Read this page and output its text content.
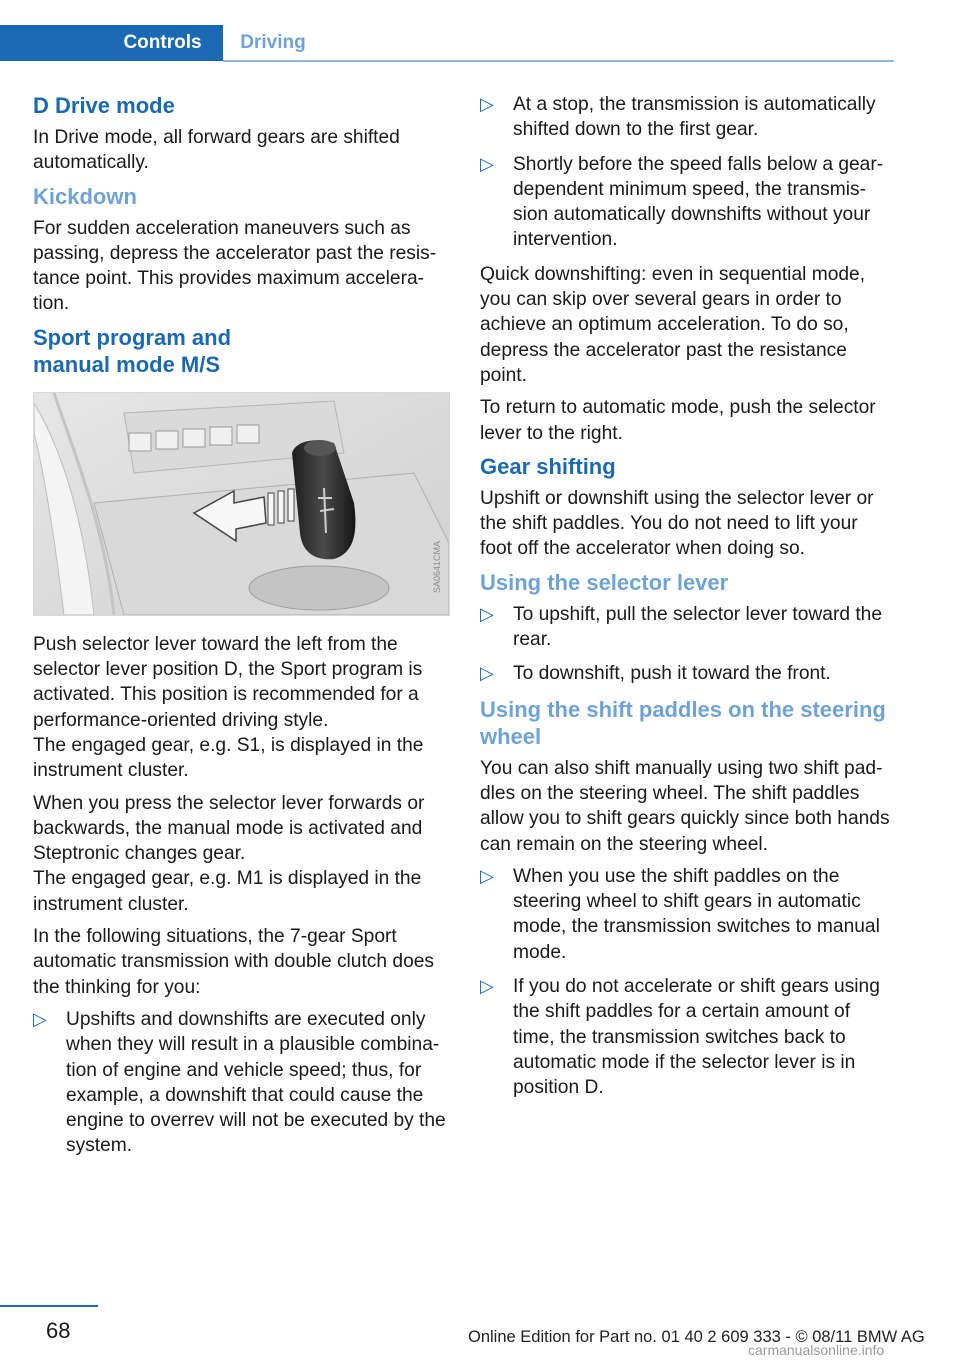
Controls	Driving
D Drive mode

In Drive mode, all forward gears are shifted automatically.

Kickdown

For sudden acceleration maneuvers such as passing, depress the accelerator past the resis-tance point. This provides maximum accelera-tion.

Sport program and
manual mode M/S
SA0641CMA

Push selector lever toward the left from the selector lever position D, the Sport program is activated. This position is recommended for a performance-oriented driving style.

The engaged gear, e.g. S1, is displayed in the instrument cluster.

When you press the selector lever forwards or backwards, the manual mode is activated and Steptronic changes gear.

The engaged gear, e.g. M1 is displayed in the instrument cluster.

In the following situations, the 7-gear Sport automatic transmission with double clutch does the thinking for you:

▷ Upshifts and downshifts are executed only when they will result in a plausible combina-tion of engine and vehicle speed; thus, for example, a downshift that could cause the engine to overrev will not be executed by the system.
▷ At a stop, the transmission is automatically shifted down to the first gear.
▷ Shortly before the speed falls below a gear-dependent minimum speed, the transmis-sion automatically downshifts without your intervention.

Quick downshifting: even in sequential mode, you can skip over several gears in order to achieve an optimum acceleration. To do so, depress the accelerator past the resistance point.

To return to automatic mode, push the selector lever to the right.

Gear shifting

Upshift or downshift using the selector lever or the shift paddles. You do not need to lift your foot off the accelerator when doing so.

Using the selector lever
▷ To upshift, pull the selector lever toward the rear.
▷ To downshift, push it toward the front.
Using the shift paddles on the steering wheel

You can also shift manually using two shift pad-dles on the steering wheel. The shift paddles allow you to shift gears quickly since both hands can remain on the steering wheel.

▷ When you use the shift paddles on the steering wheel to shift gears in automatic mode, the transmission switches to manual mode.
▷ If you do not accelerate or shift gears using the shift paddles for a certain amount of time, the transmission switches back to automatic mode if the selector lever is in position D.
68	Online Edition for Part no. 01 40 2 609 333 - © 08/11 BMW AG
carmanualsonline.info
